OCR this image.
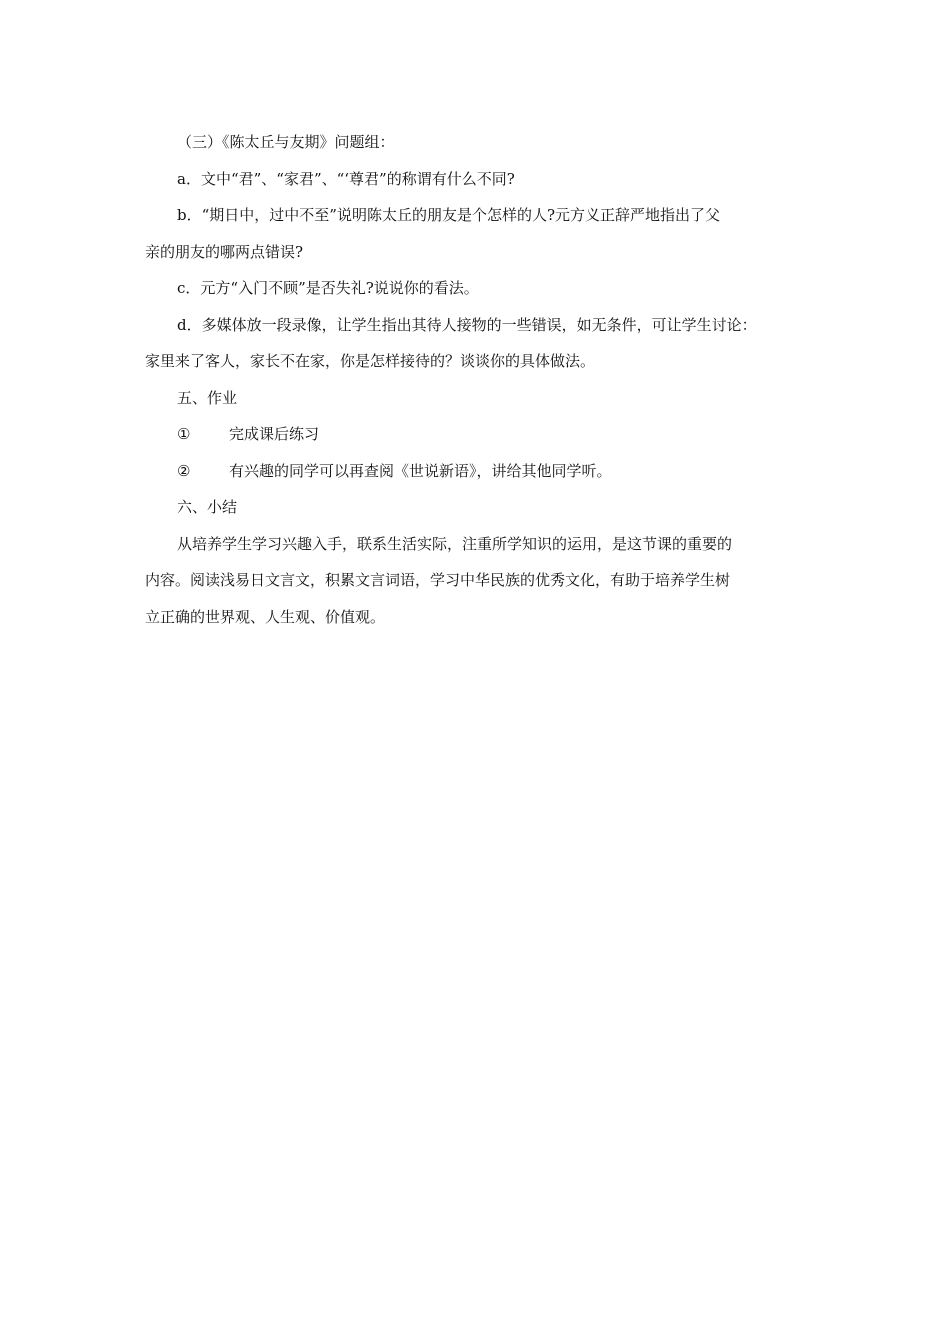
（三）《陈太丘与友期》问题组：

a．文中“君”、“家君”、“‘尊君”的称谓有什么不同?

b．“期日中，过中不至”说明陈太丘的朋友是个怎样的人?元方义正辞严地指出了父

亲的朋友的哪两点错误?

c．元方“入门不顾”是否失礼?说说你的看法。

d．多媒体放一段录像，让学生指出其待人接物的一些错误，如无条件，可让学生讨论：

家里来了客人，家长不在家，你是怎样接待的？谈谈你的具体做法。

五、作业

①	完成课后练习

②	有兴趣的同学可以再查阅《世说新语》，讲给其他同学听。

六、小结

从培养学生学习兴趣入手，联系生活实际，注重所学知识的运用，是这节课的重要的

内容。阅读浅易日文言文，积累文言词语，学习中华民族的优秀文化，有助于培养学生树

立正确的世界观、人生观、价值观。
